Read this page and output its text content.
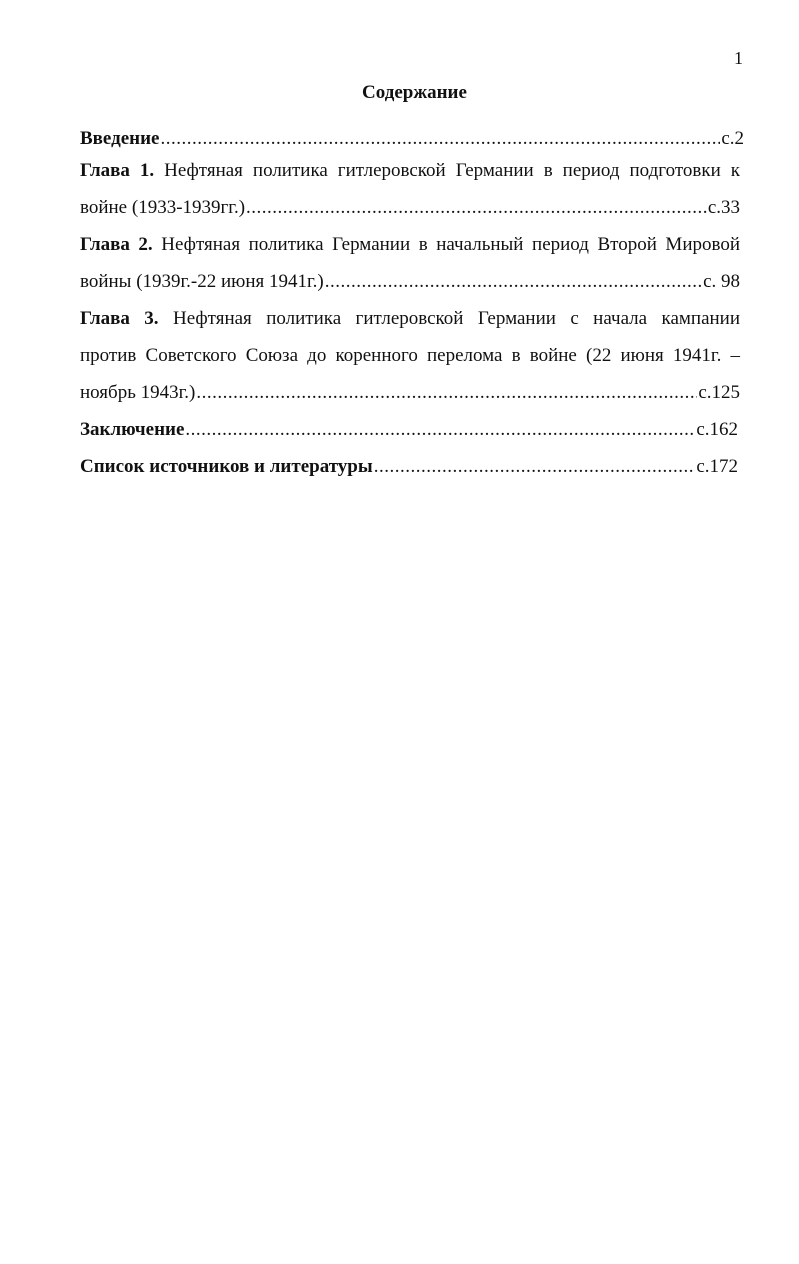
1
Содержание
Введение .....	с.2
Глава 1. Нефтяная политика гитлеровской Германии в период подготовки к
войне (1933-1939гг.) .....	с.33
Глава 2. Нефтяная политика Германии в начальный период Второй Мировой
войны (1939г.-22 июня 1941г.) .....	с. 98
Глава 3. Нефтяная политика гитлеровской Германии с начала кампании
против Советского Союза до коренного перелома в войне (22 июня 1941г. –
ноябрь 1943г.) .....	с.125
Заключение .....	с.162
Список источников и литературы .....	с.172
